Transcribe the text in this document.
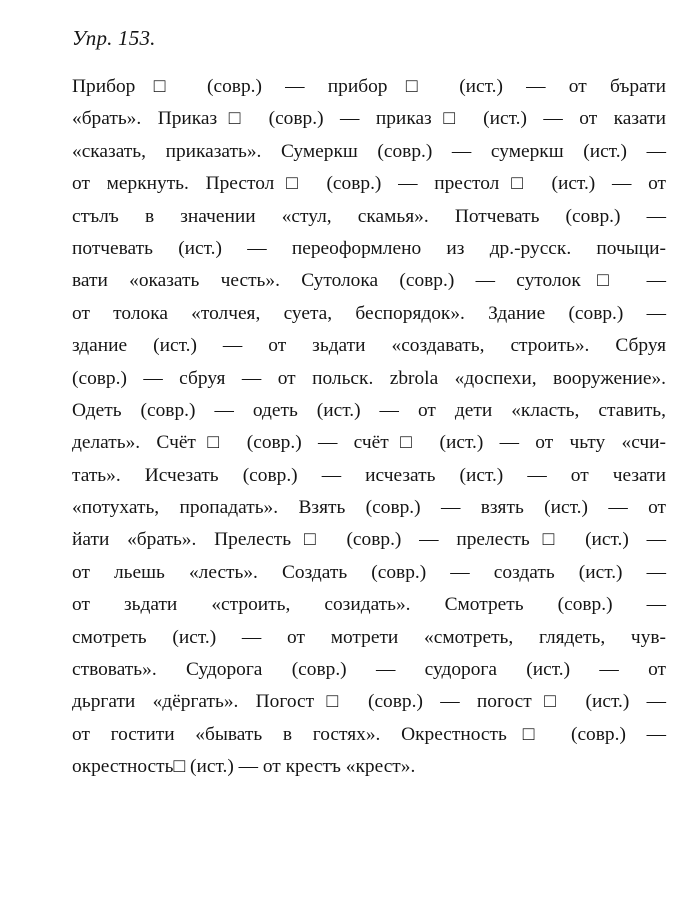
Упр. 153.
Прибор□ (совр.) — прибор□ (ист.) — от бърати
«брать». Приказ□ (совр.) — приказ□ (ист.) — от казати
«сказать, приказать». Сумеркш (совр.) — сумеркш (ист.) —
от меркнуть. Престол□ (совр.) — престол□ (ист.) — от
стълъ в значении «стул, скамья». Потчевать (совр.) —
потчевать (ист.) — переоформлено из др.-русск. почыци-
вати «оказать честь». Сутолока (совр.) — сутолок□ —
от толока «толчея, суета, беспорядок». Здание (совр.) —
здание (ист.) — от зьдати «создавать, строить». Сбруя
(совр.) — сбруя — от польск. zbrola «доспехи, вооружение».
Одеть (совр.) — одеть (ист.) — от дети «класть, ставить,
делать». Счёт□ (совр.) — счёт□ (ист.) — от чьту «счи-
тать». Исчезать (совр.) — исчезать (ист.) — от чезати
«потухать, пропадать». Взять (совр.) — взять (ист.) — от
йати «брать». Прелесть□ (совр.) — прелесть□ (ист.) —
от льешь «лесть». Создать (совр.) — создать (ист.) —
от зьдати «строить, созидать». Смотреть (совр.) —
смотреть (ист.) — от мотрети «смотреть, глядеть, чув-
ствовать». Судорога (совр.) — судорога (ист.) — от
дьргати «дёргать». Погост□ (совр.) — погост□ (ист.) —
от гостити «бывать в гостях». Окрестность□ (совр.) —
окрестность□ (ист.) — от крестъ «крест».
